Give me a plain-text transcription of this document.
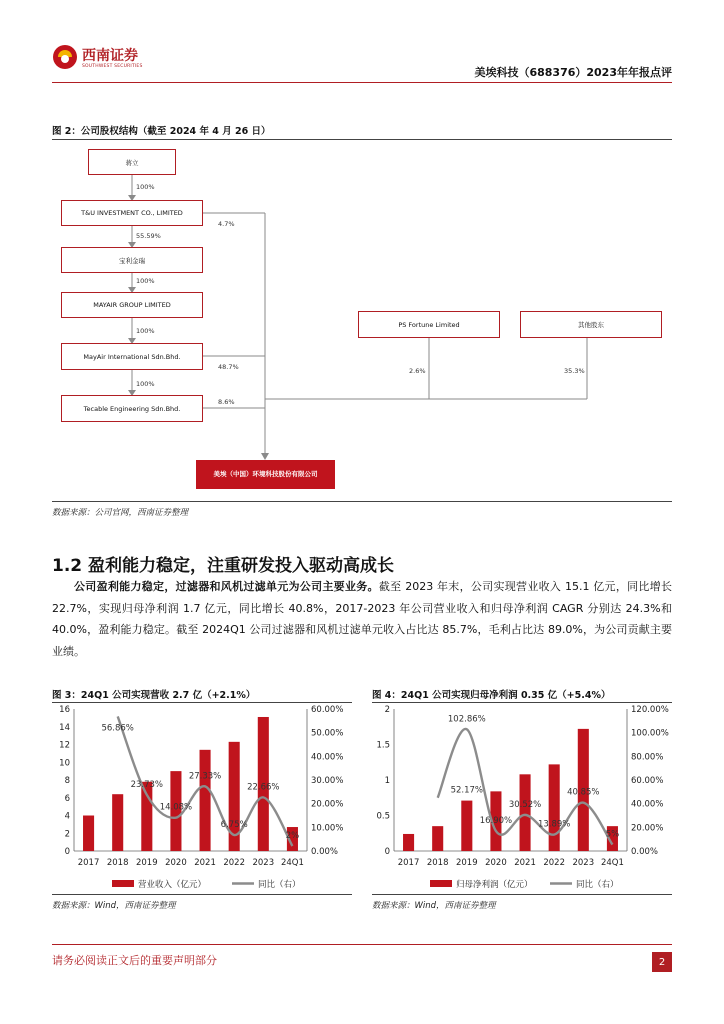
西南证券
SOUTHWEST SECURITIES	美埃科技（688376）2023年年报点评
图 2：公司股权结构（截至 2024 年 4 月 26 日）
蒋立
T&U INVESTMENT CO., LIMITED
宝利金瑞
MAYAIR GROUP LIMITED
MayAir International Sdn.Bhd.
Tecable Engineering Sdn.Bhd.
PS Fortune Limited	其他股东
美埃（中国）环境科技股份有限公司
100%
55.59%
100%
100%
100%
4.7%
48.7%
8.6%
2.6%	35.3%
数据来源：公司官网，西南证券整理
1.2 盈利能力稳定，注重研发投入驱动高成长
公司盈利能力稳定，过滤器和风机过滤单元为公司主要业务。截至 2023 年末，公司实现营业收入 15.1 亿元，同比增长 22.7%，实现归母净利润 1.7 亿元，同比增长 40.8%，2017-2023 年公司营业收入和归母净利润 CAGR 分别达 24.3%和 40.0%，盈利能力稳定。截至 2024Q1 公司过滤器和风机过滤单元收入占比达 85.7%，毛利占比达 89.0%，为公司贡献主要业绩。
图 3：24Q1 公司实现营收 2.7 亿（+2.1%）	图 4：24Q1 公司实现归母净利润 0.35 亿（+5.4%）
0
2
4
6
8
10
12
14
16
0.00%
10.00%
20.00%
30.00%
40.00%
50.00%
60.00%
2017 2018 2019 2020 2021 2022 2023 24Q1
56.86%
23.73%
14.08%
27.33%
6.75%
22.66%
2%
营业收入（亿元）	同比（右）
0
0.5
1
1.5
2
0.00%
20.00%
40.00%
60.00%
80.00%
100.00%
120.00%
2017 2018 2019 2020 2021 2022 2023 24Q1
102.86%
16.90%
30.52%
13.89%
40.85%
5%
52.17%
归母净利润（亿元）	同比（右）
数据来源：Wind，西南证券整理	数据来源：Wind，西南证券整理
请务必阅读正文后的重要声明部分	2
